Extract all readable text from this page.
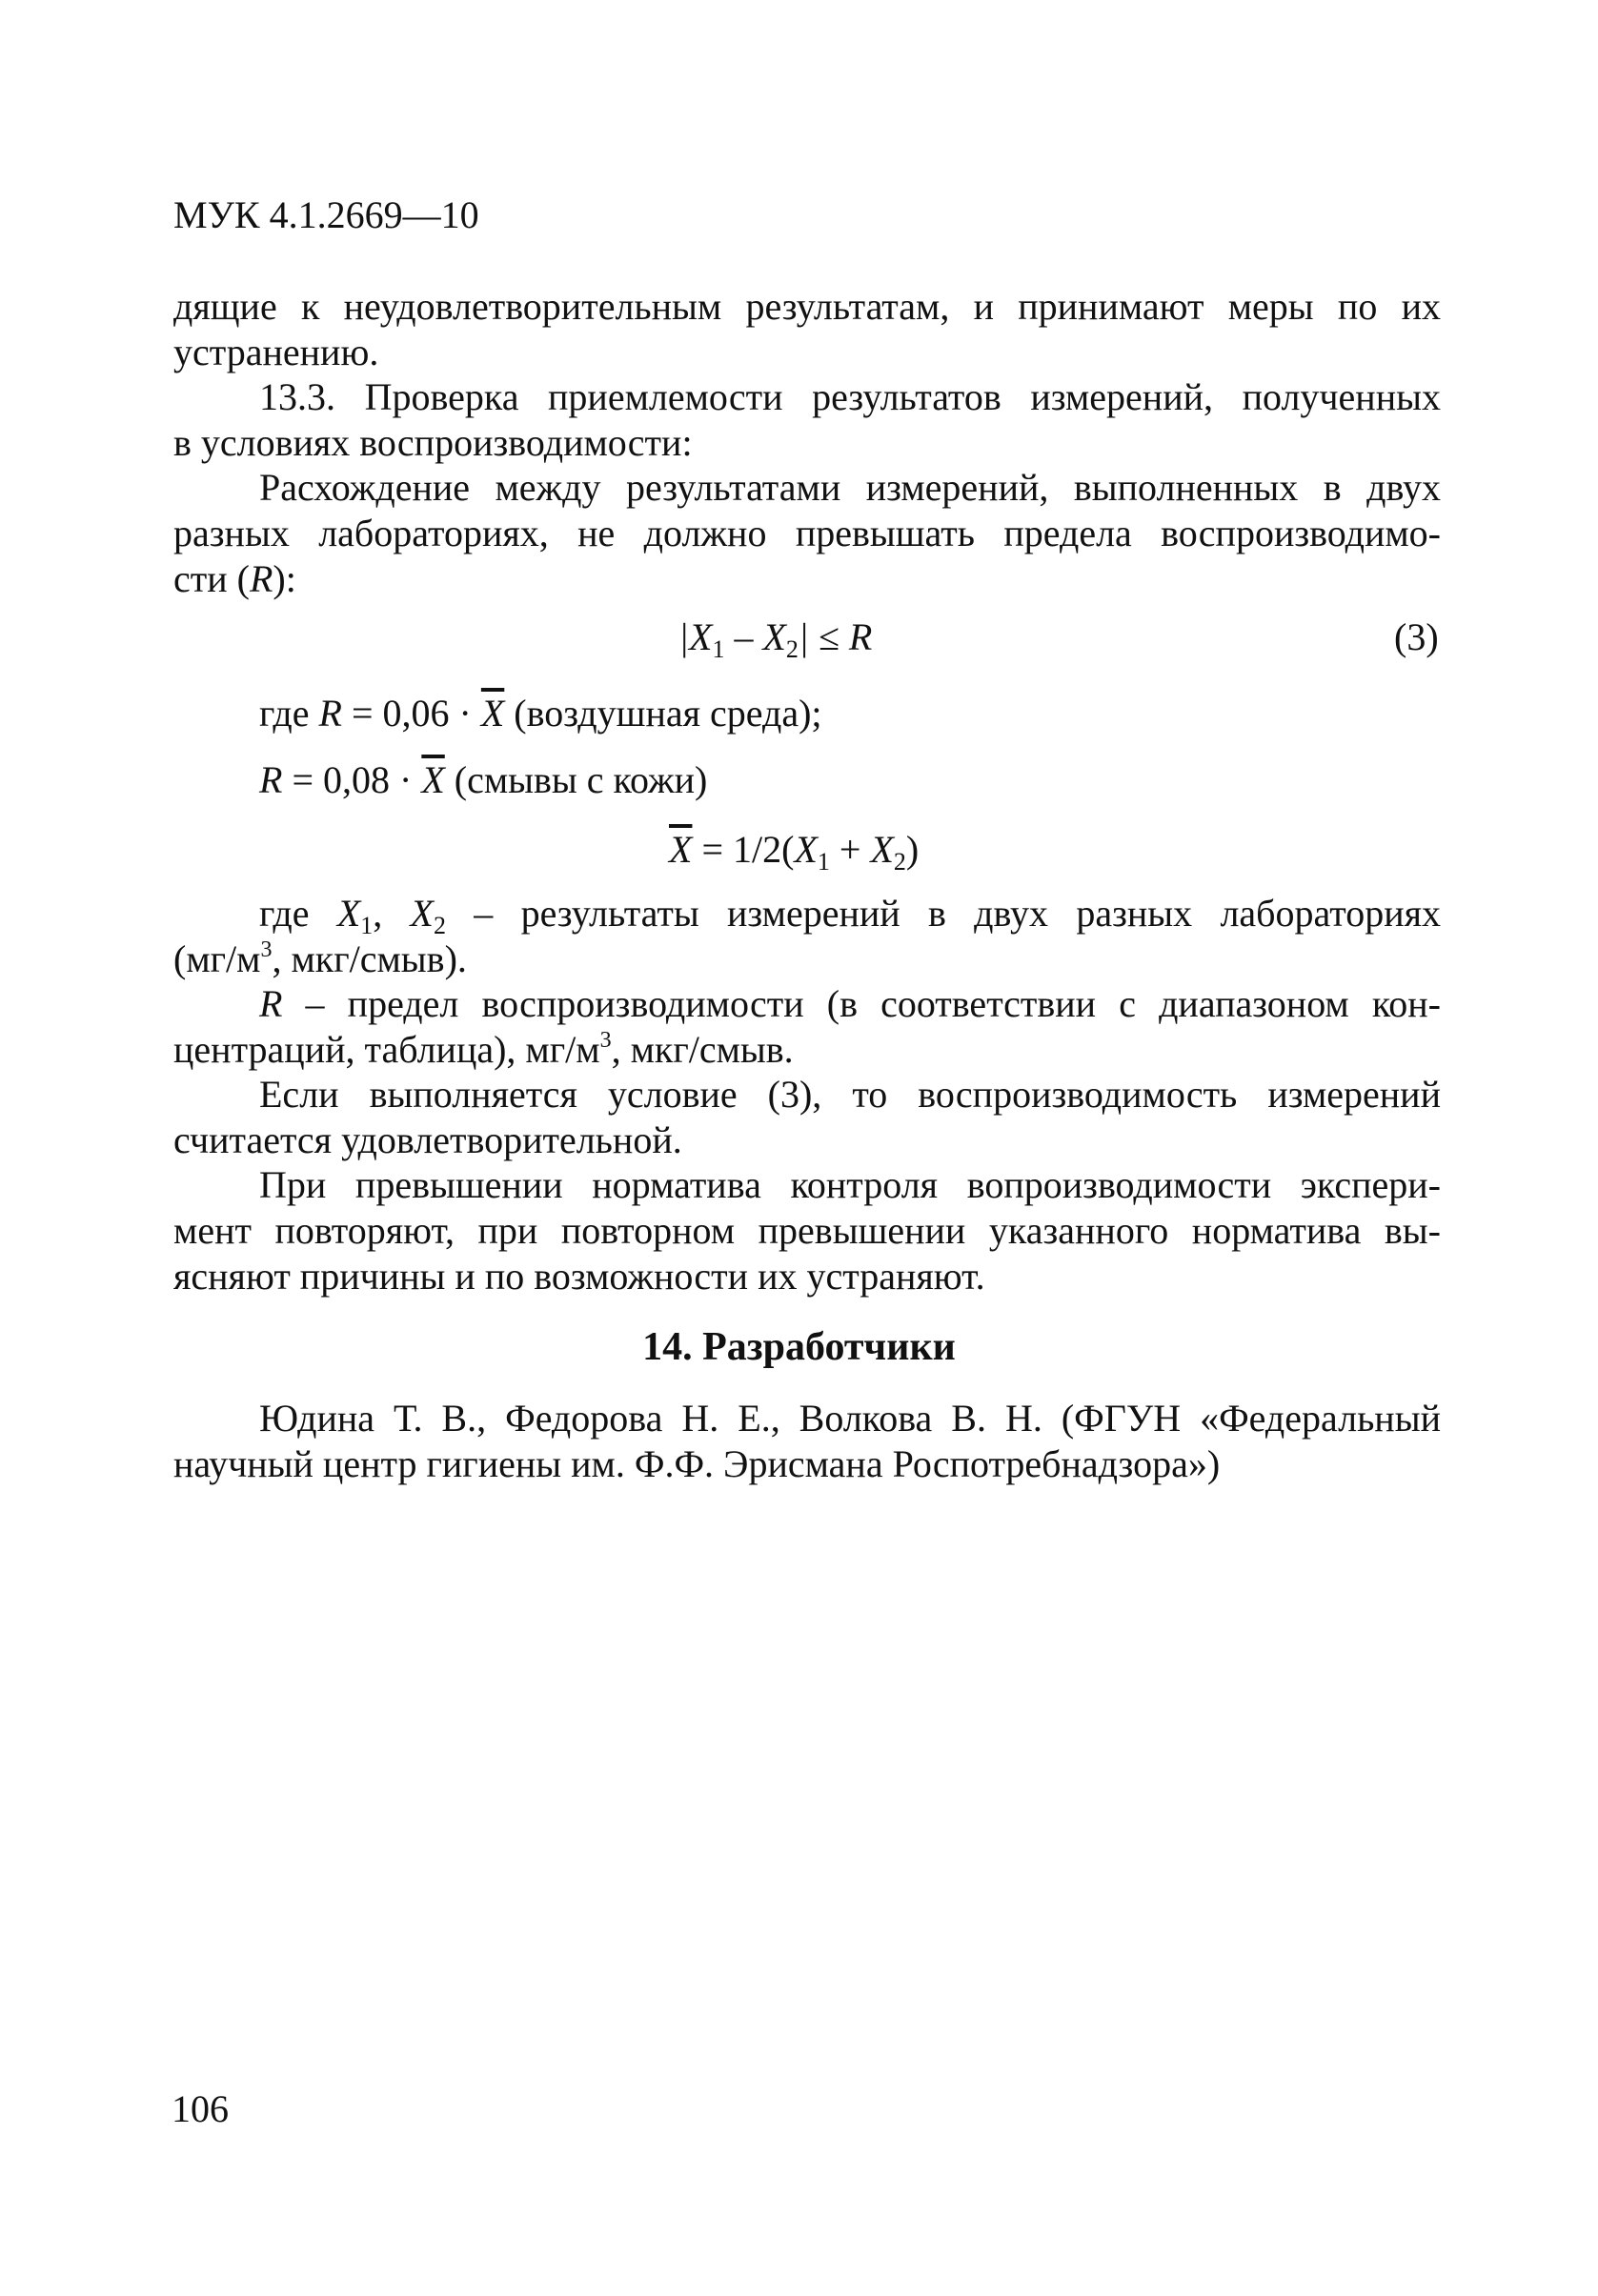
МУК 4.1.2669—10
дящие к неудовлетворительным результатам, и принимают меры по их
устранению.
13.3. Проверка приемлемости результатов измерений, полученных
в условиях воспроизводимости:
Расхождение между результатами измерений, выполненных в двух
разных лабораториях, не должно превышать предела воспроизводимо-
сти (R):
$|X_1 - X_2| \le R$	(3)
где $R = 0,06 \cdot \overline{X}$ (воздушная среда);
$R = 0,08 \cdot \overline{X}$ (смывы с кожи)
$\overline{X} = 1/2(X_1 + X_2)$
где $X_1$, $X_2$ – результаты измерений в двух разных лабораториях
($мг/м^3$, мкг/смыв).
R – предел воспроизводимости (в соответствии с диапазоном кон-
центраций, таблица), $мг/м^3$, мкг/смыв.
Если выполняется условие (3), то воспроизводимость измерений
считается удовлетворительной.
При превышении норматива контроля вопроизводимости экспери-
мент повторяют, при повторном превышении указанного норматива вы-
ясняют причины и по возможности их устраняют.
14. Разработчики
Юдина Т. В., Федорова Н. Е., Волкова В. Н. (ФГУН «Федеральный
научный центр гигиены им. Ф.Ф. Эрисмана Роспотребнадзора»)
106
